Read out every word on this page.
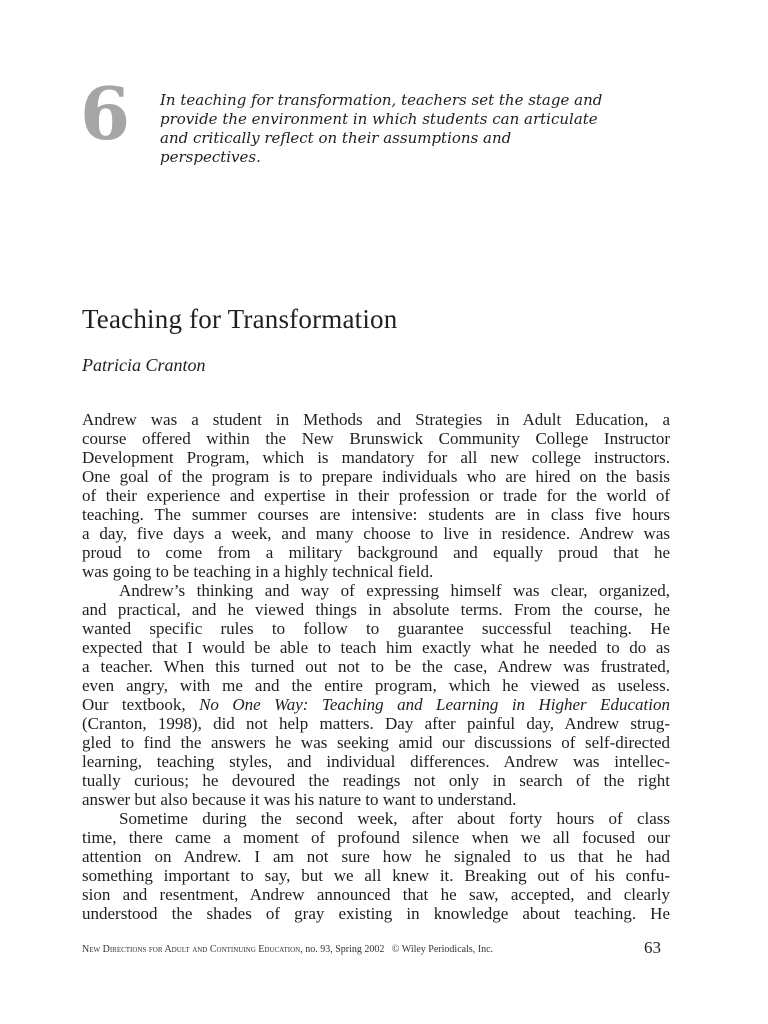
6 In teaching for transformation, teachers set the stage and
provide the environment in which students can articulate
and critically reflect on their assumptions and
perspectives.
Teaching for Transformation
Patricia Cranton
Andrew was a student in Methods and Strategies in Adult Education, a
course offered within the New Brunswick Community College Instructor
Development Program, which is mandatory for all new college instructors.
One goal of the program is to prepare individuals who are hired on the basis
of their experience and expertise in their profession or trade for the world of
teaching. The summer courses are intensive: students are in class five hours
a day, five days a week, and many choose to live in residence. Andrew was
proud to come from a military background and equally proud that he
was going to be teaching in a highly technical field.
Andrew’s thinking and way of expressing himself was clear, organized,
and practical, and he viewed things in absolute terms. From the course, he
wanted specific rules to follow to guarantee successful teaching. He
expected that I would be able to teach him exactly what he needed to do as
a teacher. When this turned out not to be the case, Andrew was frustrated,
even angry, with me and the entire program, which he viewed as useless.
Our textbook, No One Way: Teaching and Learning in Higher Education
(Cranton, 1998), did not help matters. Day after painful day, Andrew strug-
gled to find the answers he was seeking amid our discussions of self-directed
learning, teaching styles, and individual differences. Andrew was intellec-
tually curious; he devoured the readings not only in search of the right
answer but also because it was his nature to want to understand.
Sometime during the second week, after about forty hours of class
time, there came a moment of profound silence when we all focused our
attention on Andrew. I am not sure how he signaled to us that he had
something important to say, but we all knew it. Breaking out of his confu-
sion and resentment, Andrew announced that he saw, accepted, and clearly
understood the shades of gray existing in knowledge about teaching. He
New Directions for Adult and Continuing Education, no. 93, Spring 2002 © Wiley Periodicals, Inc.	63
